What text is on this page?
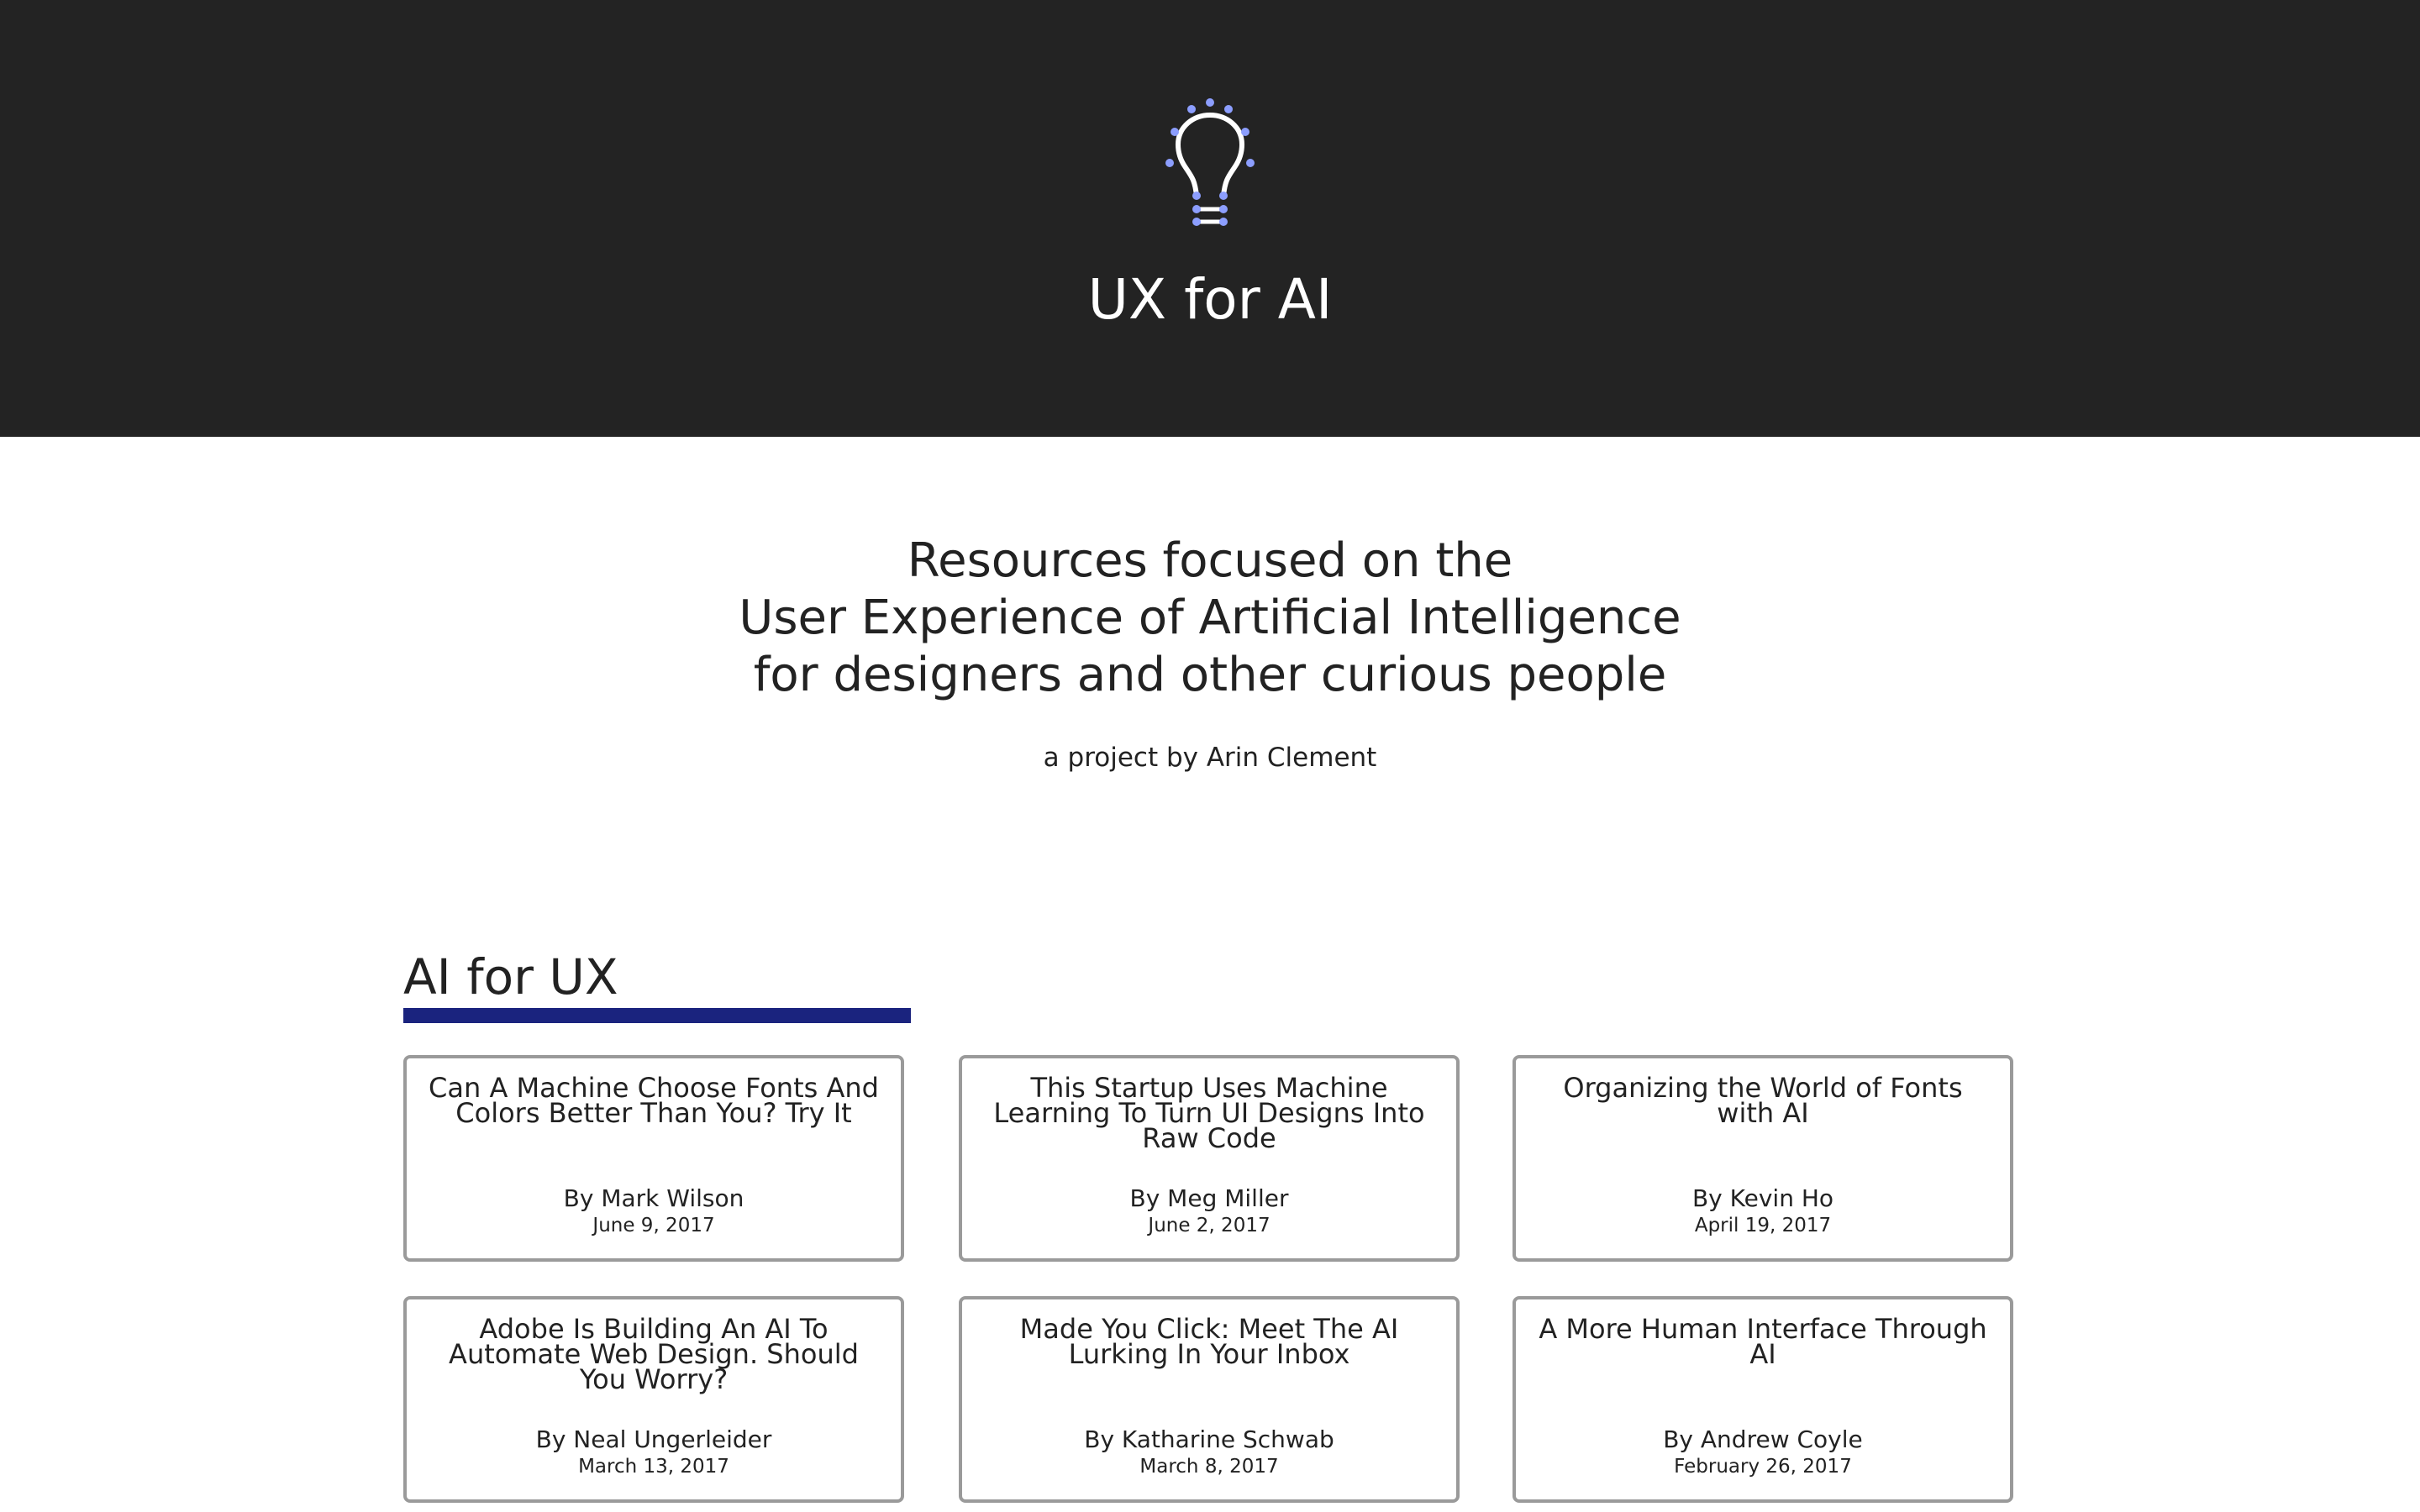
UX for AI
Resources focused on the
User Experience of Artificial Intelligence
for designers and other curious people
a project by Arin Clement
AI for UX
Can A Machine Choose Fonts And Colors Better Than You? Try It
By Mark Wilson
June 9, 2017
This Startup Uses Machine Learning To Turn UI Designs Into Raw Code
By Meg Miller
June 2, 2017
Organizing the World of Fonts with AI
By Kevin Ho
April 19, 2017
Adobe Is Building An AI To Automate Web Design. Should You Worry?
By Neal Ungerleider
March 13, 2017
Made You Click: Meet The AI Lurking In Your Inbox
By Katharine Schwab
March 8, 2017
A More Human Interface Through AI
By Andrew Coyle
February 26, 2017
